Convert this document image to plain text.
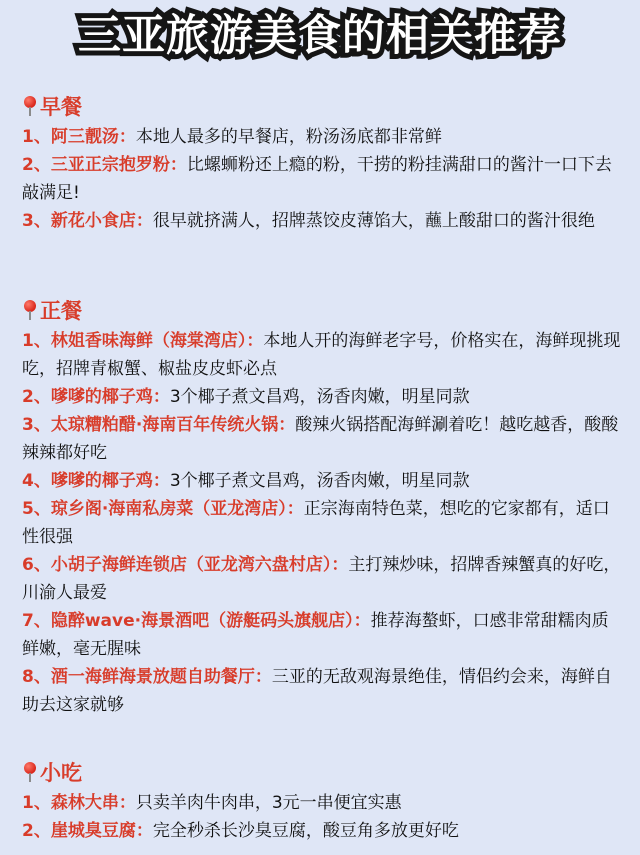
三亚旅游美食的相关推荐
早餐
1、阿三靓汤：本地人最多的早餐店，粉汤汤底都非常鲜
2、三亚正宗抱罗粉：比螺蛳粉还上瘾的粉，干捞的粉挂满甜口的酱汁一口下去敲满足!
3、新花小食店：很早就挤满人，招牌蒸饺皮薄馅大，蘸上酸甜口的酱汁很绝
正餐
1、林姐香味海鲜（海棠湾店）：本地人开的海鲜老字号，价格实在，海鲜现挑现吃，招牌青椒蟹、椒盐皮皮虾必点
2、嗲嗲的椰子鸡：3个椰子煮文昌鸡，汤香肉嫩，明星同款
3、太琼糟粕醋·海南百年传统火锅：酸辣火锅搭配海鲜涮着吃！越吃越香，酸酸辣辣都好吃
4、嗲嗲的椰子鸡：3个椰子煮文昌鸡，汤香肉嫩，明星同款
5、琼乡阁·海南私房菜（亚龙湾店）：正宗海南特色菜，想吃的它家都有，适口性很强
6、小胡子海鲜连锁店（亚龙湾六盘村店）：主打辣炒味，招牌香辣蟹真的好吃，川渝人最爱
7、隐醉wave·海景酒吧（游艇码头旗舰店）：推荐海螯虾，口感非常甜糯肉质鲜嫩，毫无腥味
8、酒一海鲜海景放题自助餐厅：三亚的无敌观海景绝佳，情侣约会来，海鲜自助去这家就够
小吃
1、森林大串：只卖羊肉牛肉串，3元一串便宜实惠
2、崖城臭豆腐：完全秒杀长沙臭豆腐，酸豆角多放更好吃
